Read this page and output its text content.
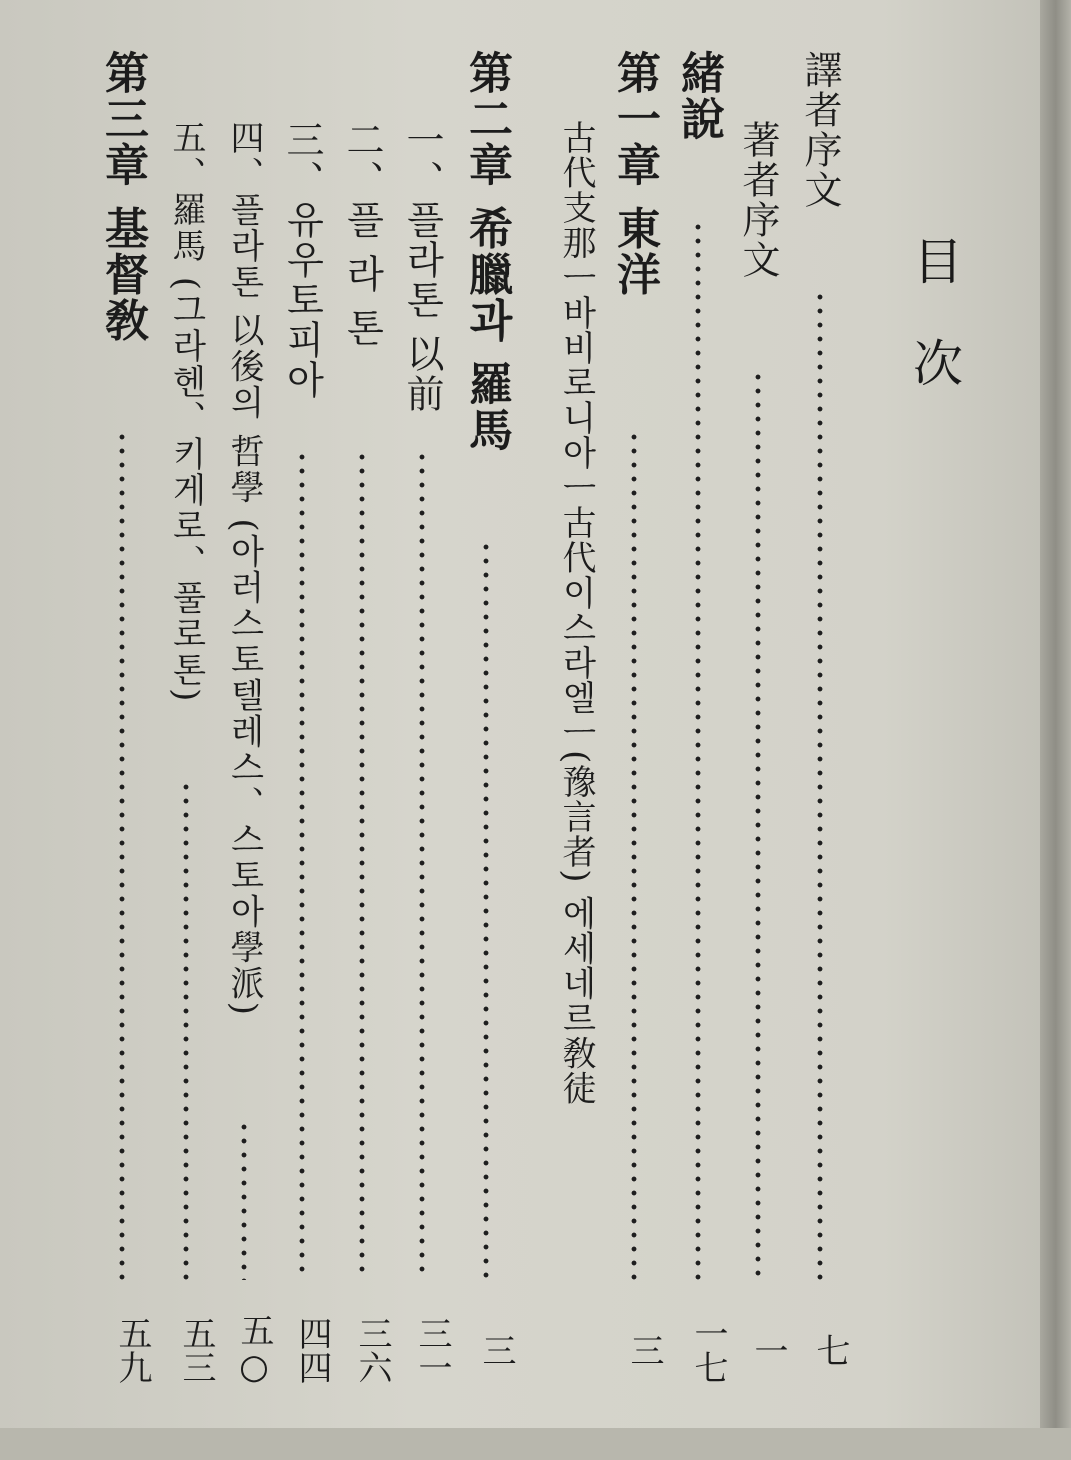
目次
譯者序文
七
著者序文
一
緒說
一七
第一章 東洋
三
古代支那ㅡ바비로니아ㅡ古代이스라엘ㅡ(豫言者) 에세네르敎徒
第二章 希臘과 羅馬
三
一、플라톤 以前
三一
二、플 라 톤
三六
三、유우토피아
四四
四、플라톤 以後의 哲學 (아러스토텔레스、스토아學派)
五○
五、羅馬 (그라헨、키게로、풀로톤)
五三
第三章 基督敎
五九
